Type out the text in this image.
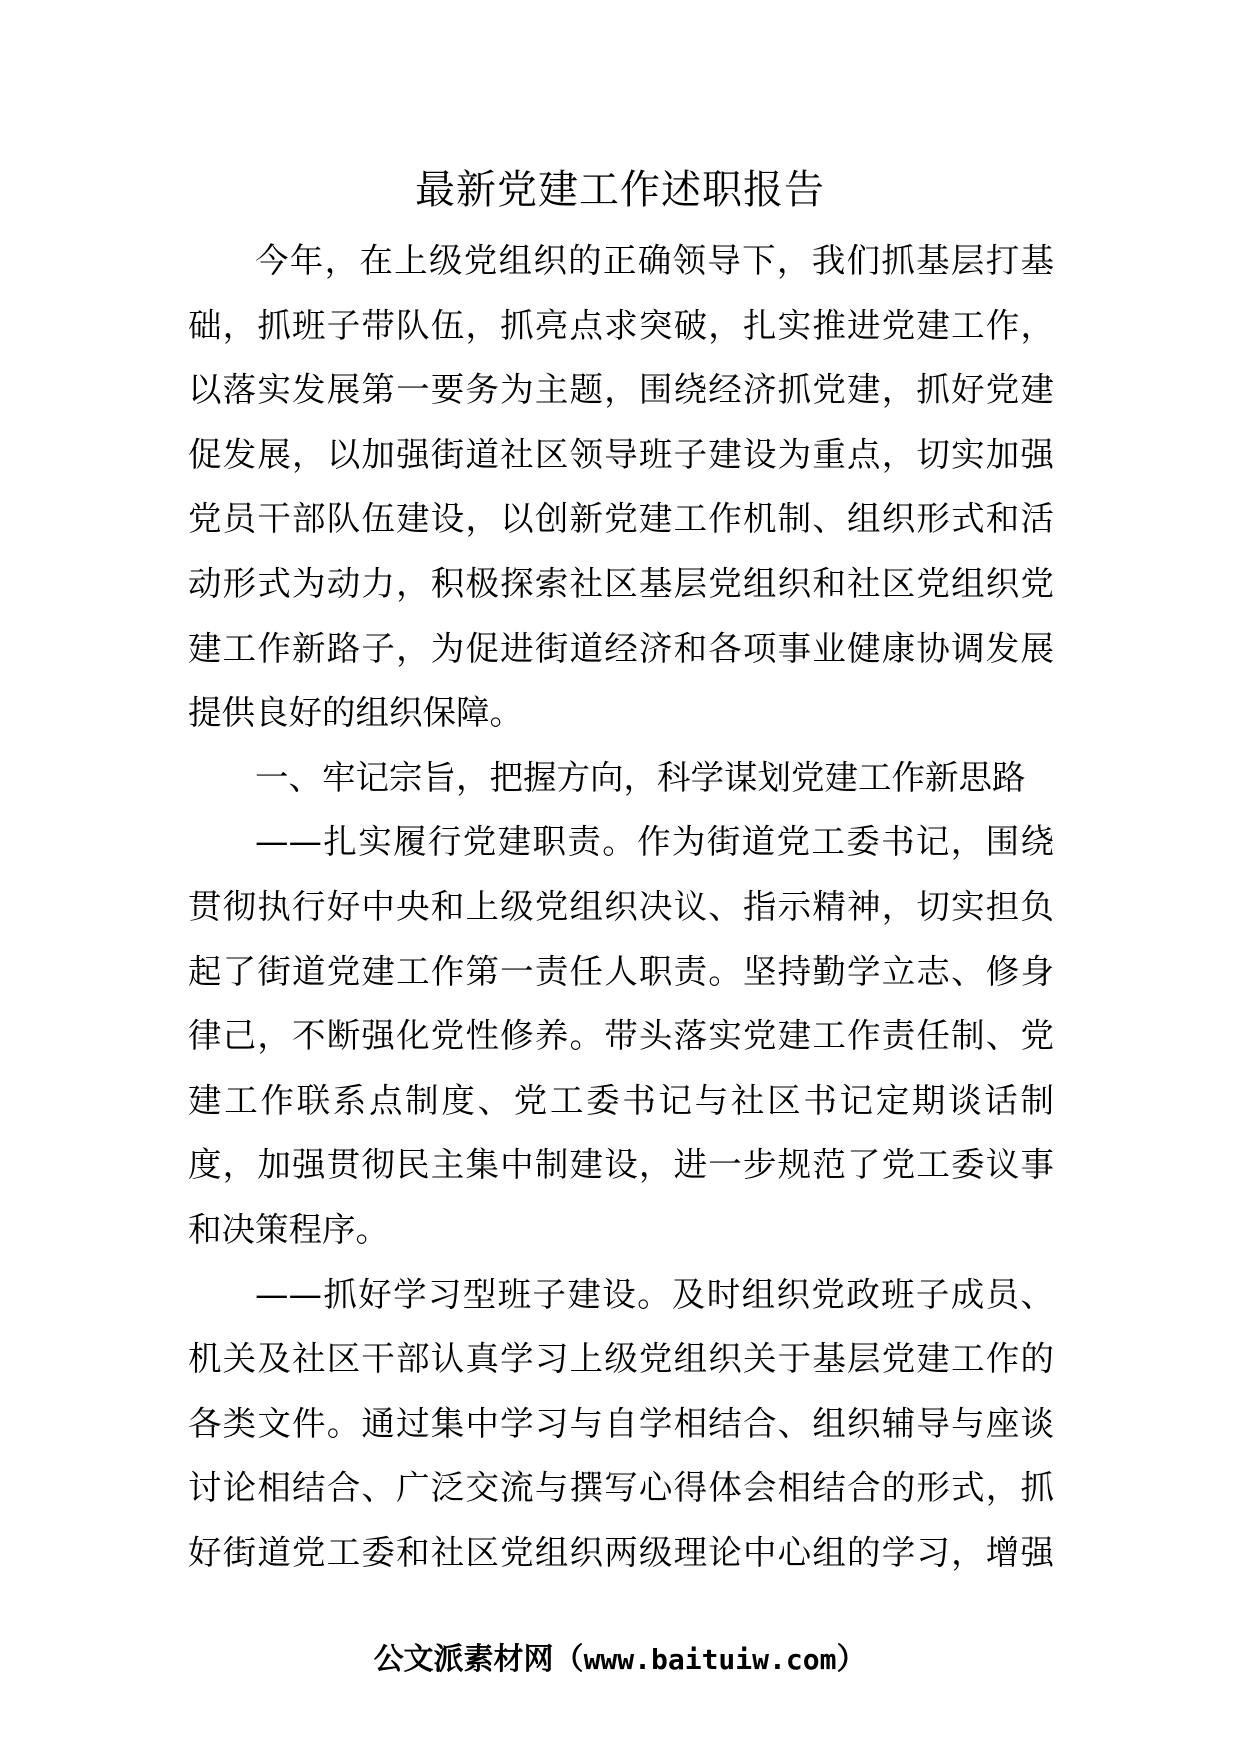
最新党建工作述职报告
今年，在上级党组织的正确领导下，我们抓基层打基
础，抓班子带队伍，抓亮点求突破，扎实推进党建工作，
以落实发展第一要务为主题，围绕经济抓党建，抓好党建
促发展，以加强街道社区领导班子建设为重点，切实加强
党员干部队伍建设，以创新党建工作机制、组织形式和活
动形式为动力，积极探索社区基层党组织和社区党组织党
建工作新路子，为促进街道经济和各项事业健康协调发展
提供良好的组织保障。
一、牢记宗旨，把握方向，科学谋划党建工作新思路
——扎实履行党建职责。作为街道党工委书记，围绕
贯彻执行好中央和上级党组织决议、指示精神，切实担负
起了街道党建工作第一责任人职责。坚持勤学立志、修身
律己，不断强化党性修养。带头落实党建工作责任制、党
建工作联系点制度、党工委书记与社区书记定期谈话制
度，加强贯彻民主集中制建设，进一步规范了党工委议事
和决策程序。
——抓好学习型班子建设。及时组织党政班子成员、
机关及社区干部认真学习上级党组织关于基层党建工作的
各类文件。通过集中学习与自学相结合、组织辅导与座谈
讨论相结合、广泛交流与撰写心得体会相结合的形式，抓
好街道党工委和社区党组织两级理论中心组的学习，增强
公文派素材网（www.baituiw.com）
